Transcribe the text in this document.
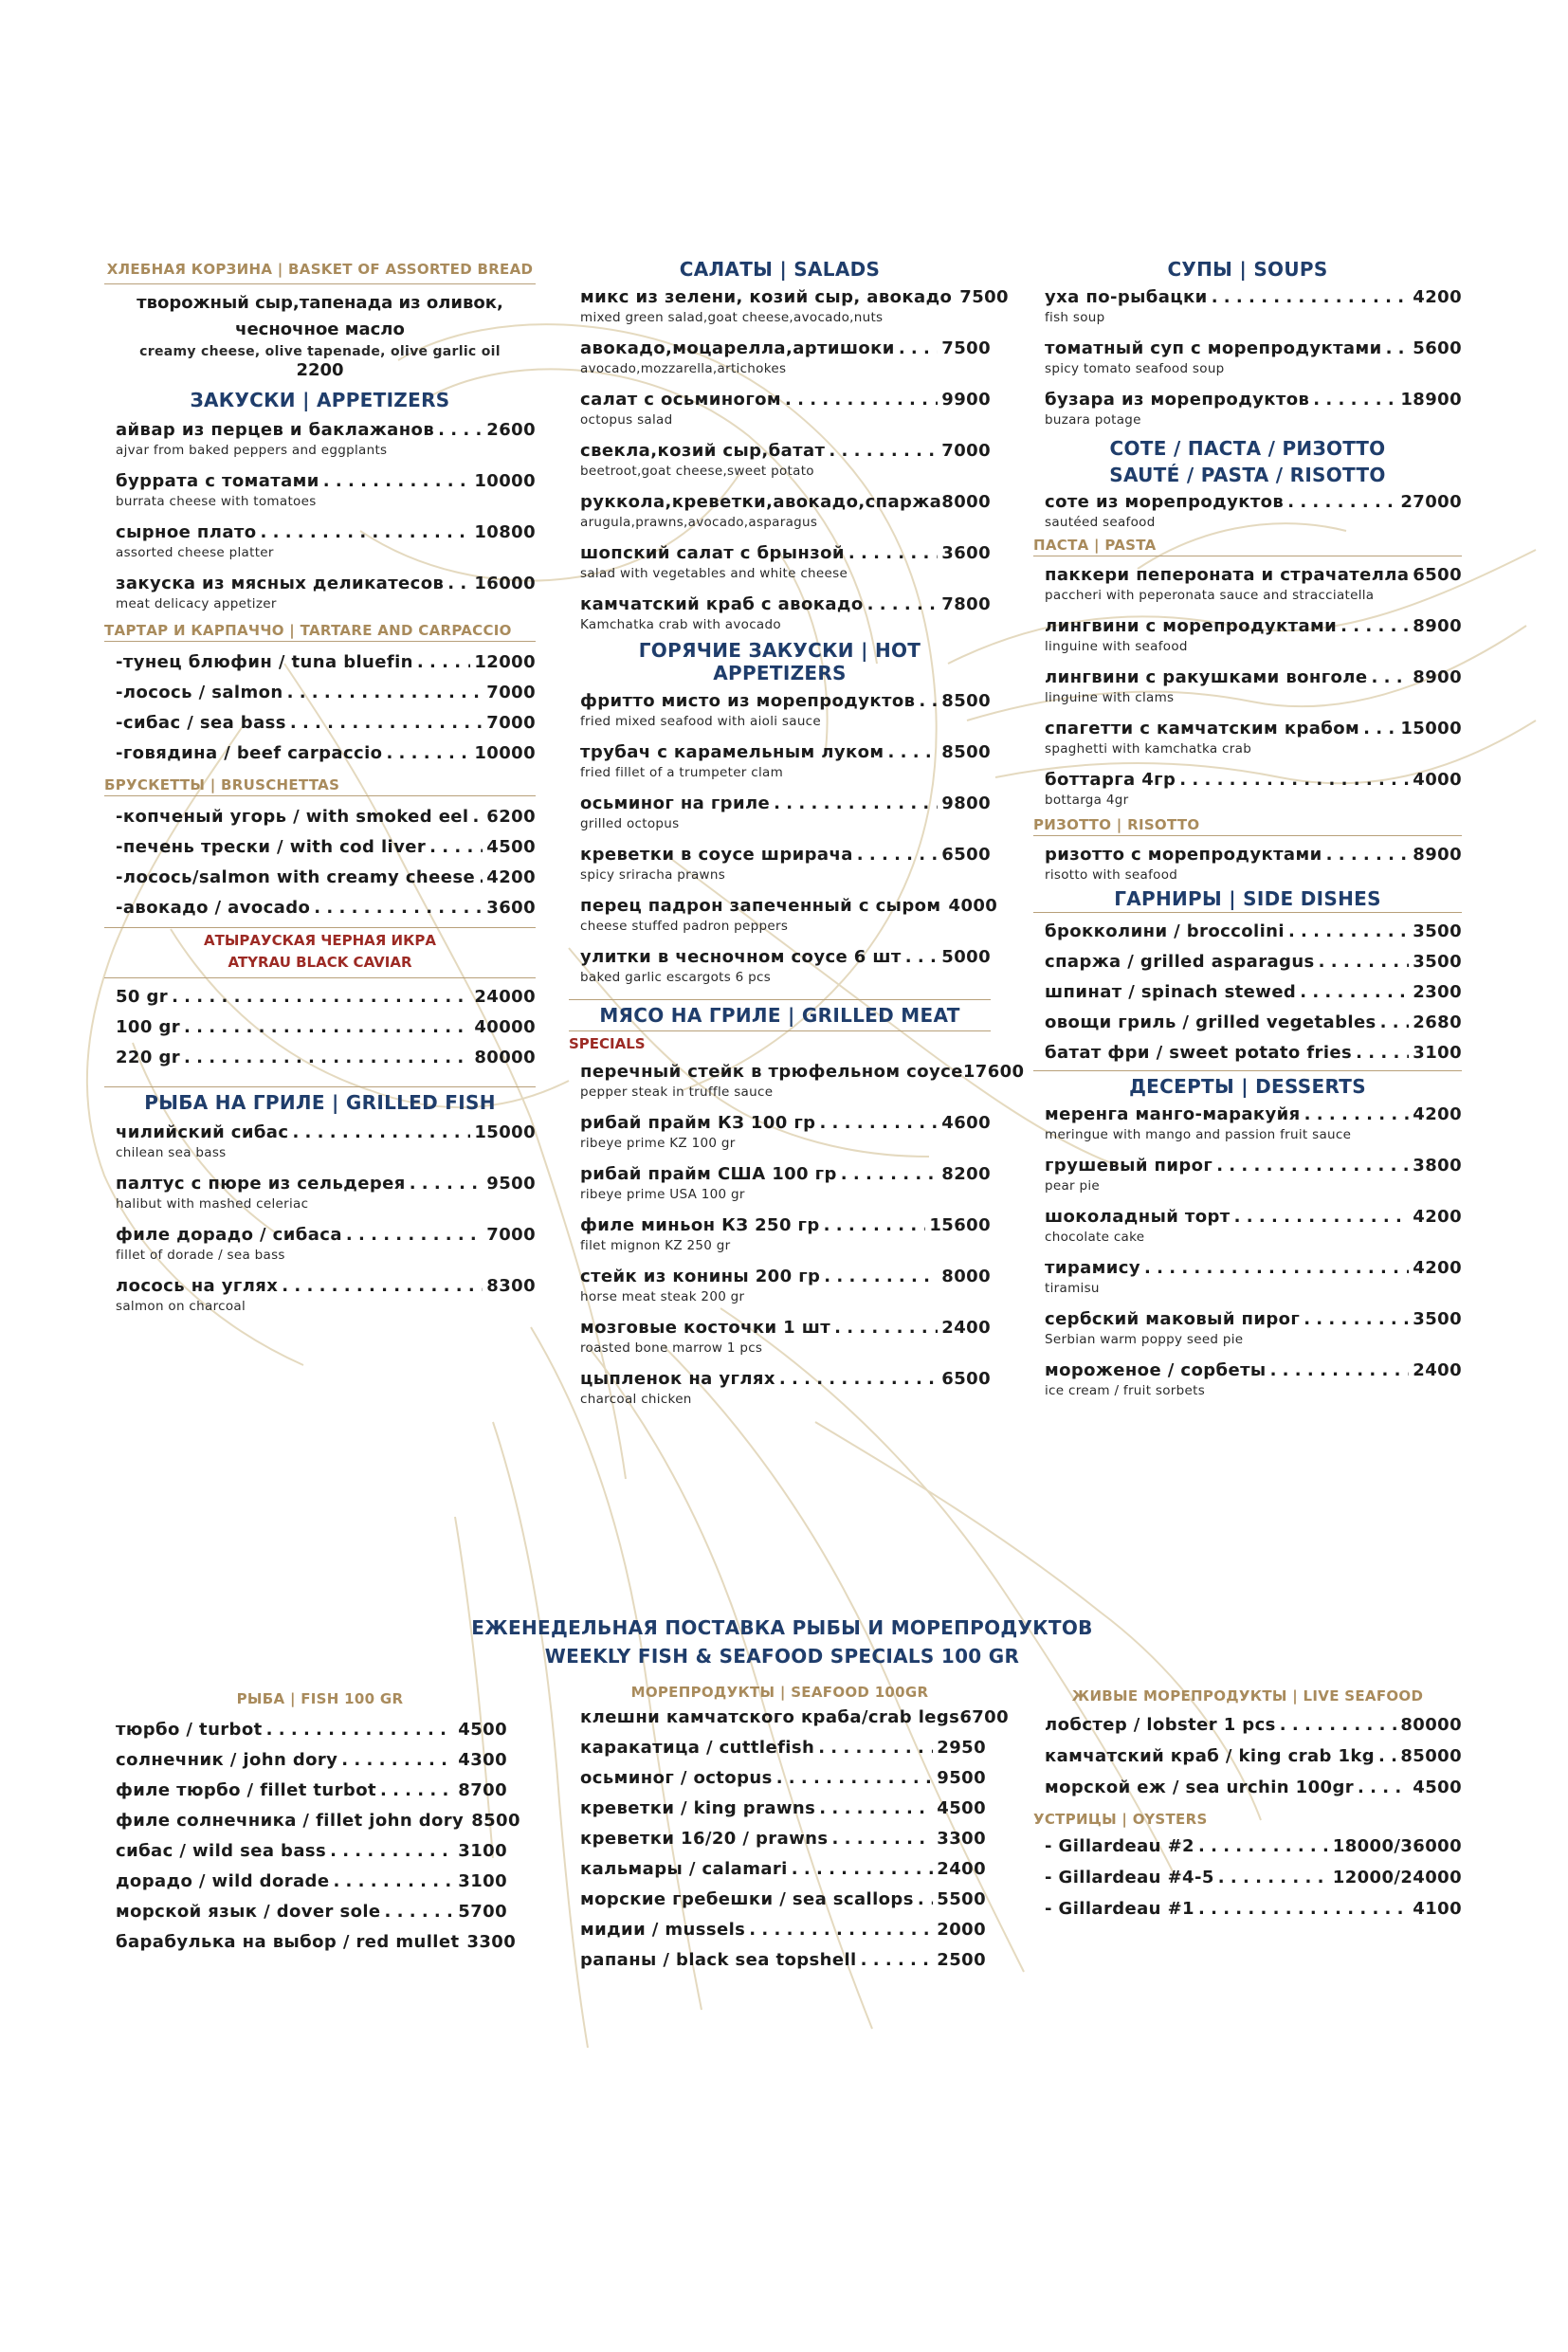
ХЛЕБНАЯ КОРЗИНА | BASKET OF ASSORTED BREAD
творожный сыр,тапенада из оливок,
чесночное масло
creamy cheese, olive tapenade, olive garlic oil
2200
ЗАКУСКИ | APPETIZERS
айвар из перцев и баклажанов . . .	2600
ajvar from baked peppers and eggplants
буррата с томатами . . .	10000
burrata cheese with tomatoes
сырное плато . . .	10800
assorted cheese platter
закуска из мясных деликатесов . . . 16000
meat delicacy appetizer
ТАРТАР И КАРПАЧЧО | TARTARE AND CARPACCIO
-тунец блюфин / tuna bluefin . . .	12000
-лосось / salmon . . .	7000
-сибас / sea bass . . .	7000
-говядина / beef carpaccio . . .	10000
БРУСКЕТТЫ | BRUSCHETTAS
-копченый угорь / with smoked eel . . . 6200
-печень трески / with cod liver . . .	4500
-лосось/salmon with creamy cheese . . . 4200
-авокадо / avocado . . .	3600
АТЫРАУСКАЯ ЧЕРНАЯ ИКРА
ATYRAU BLACK CAVIAR
50 gr . . .	24000
100 gr . . .	40000
220 gr . . .	80000
РЫБА НА ГРИЛЕ | GRILLED FISH
чилийский сибас . . .	15000
chilean sea bass
палтус с пюре из сельдерея . . .	9500
halibut with mashed celeriac
филе дорадо / сибаса . . .	7000
fillet of dorade / sea bass
лосось на углях . . .	8300
salmon on charcoal
САЛАТЫ | SALADS
микс из зелени, козий сыр, авокадо 7500
mixed green salad,goat cheese,avocado,nuts
авокадо,моцарелла,артишоки . . .	7500
avocado,mozzarella,artichokes
салат с осьминогом . . .	9900
octopus salad
свекла,козий сыр,батат . . .	7000
beetroot,goat cheese,sweet potato
руккола,креветки,авокадо,спаржа 8000
arugula,prawns,avocado,asparagus
шопский салат с брынзой . . .	3600
salad with vegetables and white cheese
камчатский краб с авокадо . . .	7800
Kamchatka crab with avocado
ГОРЯЧИЕ ЗАКУСКИ | HOT APPETIZERS
фритто мисто из морепродуктов . . . 8500
fried mixed seafood with aioli sauce
трубач с карамельным луком . . .	8500
fried fillet of a trumpeter clam
осьминог на гриле . . .	9800
grilled octopus
креветки в соусе шрирача . . .	6500
spicy sriracha prawns
перец падрон запеченный с сыром 4000
cheese stuffed padron peppers
улитки в чесночном соусе 6 шт . . . 5000
baked garlic escargots 6 pcs
МЯСО НА ГРИЛЕ | GRILLED MEAT
SPECIALS
перечный стейк в трюфельном соусе 17600
pepper steak in truffle sauce
рибай прайм КЗ 100 гр . . .	4600
ribeye prime KZ 100 gr
рибай прайм США 100 гр . . .	8200
ribeye prime USA 100 gr
филе миньон КЗ 250 гр . . .	15600
filet mignon KZ 250 gr
стейк из конины 200 гр . . .	8000
horse meat steak 200 gr
мозговые косточки 1 шт . . .	2400
roasted bone marrow 1 pcs
цыпленок на углях . . .	6500
charcoal chicken
СУПЫ | SOUPS
уха по-рыбацки . . .	4200
fish soup
томатный суп с морепродуктами . . . 5600
spicy tomato seafood soup
бузара из морепродуктов . . .	18900
buzara potage
СОТЕ / ПАСТА / РИЗОТТО
SAUTÉ / PASTA / RISOTTO
соте из морепродуктов . . .	27000
sautéed seafood
ПАСТА | PASTA
паккери пепероната и страчателла 6500
paccheri with peperonata sauce and stracciatella
лингвини с морепродуктами . . .	8900
linguine with seafood
лингвини с ракушками вонголе . . .	8900
linguine with clams
спагетти с камчатским крабом . . . 15000
spaghetti with kamchatka crab
боттарга 4гр . . .	4000
bottarga 4gr
РИЗОТТО | RISOTTO
ризотто с морепродуктами . . .	8900
risotto with seafood
ГАРНИРЫ | SIDE DISHES
брокколини / broccolini . . .	3500
спаржа / grilled asparagus . . .	3500
шпинат / spinach stewed . . .	2300
овощи гриль / grilled vegetables . . . 2680
батат фри / sweet potato fries . . .	3100
ДЕСЕРТЫ | DESSERTS
меренга манго-маракуйя . . .	4200
meringue with mango and passion fruit sauce
грушевый пирог . . .	3800
pear pie
шоколадный торт . . .	4200
chocolate cake
тирамису . . .	4200
tiramisu
сербский маковый пирог . . .	3500
Serbian warm poppy seed pie
мороженое / сорбеты . . .	2400
ice cream / fruit sorbets
ЕЖЕНЕДЕЛЬНАЯ ПОСТАВКА РЫБЫ И МОРЕПРОДУКТОВ
WEEKLY FISH & SEAFOOD SPECIALS 100 GR
РЫБА | FISH 100 GR
тюрбо / turbot . . .	4500
солнечник / john dory . . .	4300
филе тюрбо / fillet turbot . . .	8700
филе солнечника / fillet john dory 8500
сибас / wild sea bass . . .	3100
дорадо / wild dorade . . .	3100
морской язык / dover sole . . .	5700
барабулька на выбор / red mullet 3300
МОРЕПРОДУКТЫ | SEAFOOD 100GR
клешни камчатского краба/crab legs 6700
каракатица / cuttlefish . . .	2950
осьминог / octopus . . .	9500
креветки / king prawns . . .	4500
креветки 16/20 / prawns . . .	3300
кальмары / calamari . . .	2400
морские гребешки / sea scallops . . . 5500
мидии / mussels . . .	2000
рапаны / black sea topshell . . .	2500
ЖИВЫЕ МОРЕПРОДУКТЫ | LIVE SEAFOOD
лобстер / lobster 1 pcs . . .	80000
камчатский краб / king crab 1kg . . . 85000
морской еж / sea urchin 100gr . . .	4500
УСТРИЦЫ | OYSTERS
- Gillardeau #2 . . .	18000/36000
- Gillardeau #4-5 . . .	12000/24000
- Gillardeau #1 . . .	4100
